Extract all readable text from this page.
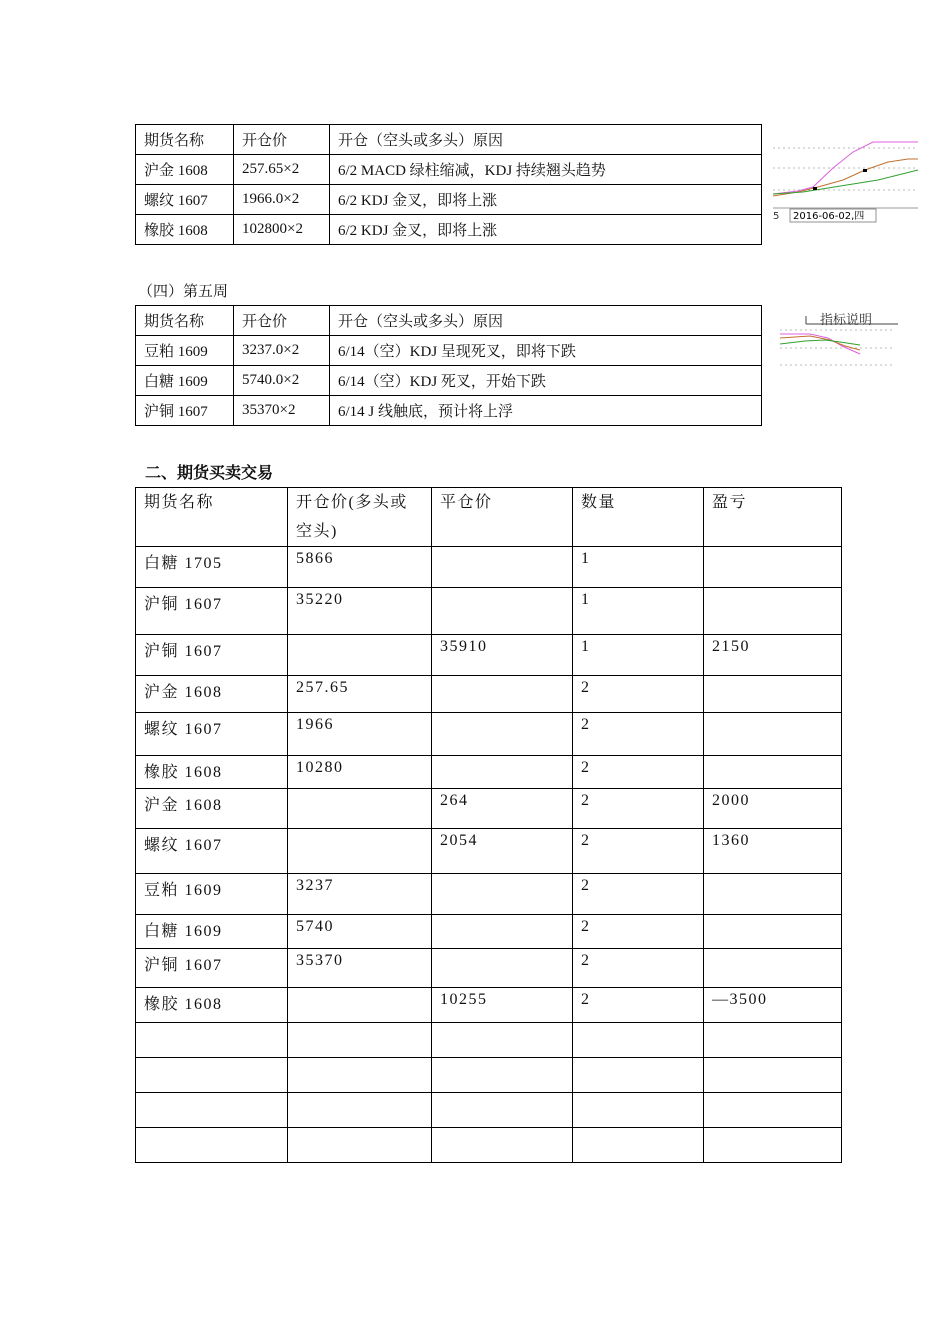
期货名称	开仓价	开仓（空头或多头）原因
沪金 1608	257.65×2	6/2 MACD 绿柱缩减，KDJ 持续翘头趋势
螺纹 1607	1966.0×2	6/2 KDJ 金叉，即将上涨
橡胶 1608	102800×2	6/2 KDJ 金叉，即将上涨
5 2016-06-02,四
（四）第五周
期货名称	开仓价	开仓（空头或多头）原因
豆粕 1609	3237.0×2	6/14（空）KDJ 呈现死叉，即将下跌
白糖 1609	5740.0×2	6/14（空）KDJ 死叉，开始下跌
沪铜 1607	35370×2	6/14 J 线触底，预计将上浮
指标说明
二、期货买卖交易
期货名称	开仓价(多头或空头)	平仓价	数量	盈亏
白糖 1705	5866		1	
沪铜 1607	35220		1	
沪铜 1607		35910	1	2150
沪金 1608	257.65		2	
螺纹 1607	1966		2	
橡胶 1608	10280		2	
沪金 1608		264	2	2000
螺纹 1607		2054	2	1360
豆粕 1609	3237		2	
白糖 1609	5740		2	
沪铜 1607	35370		2	
橡胶 1608		10255	2	—3500
